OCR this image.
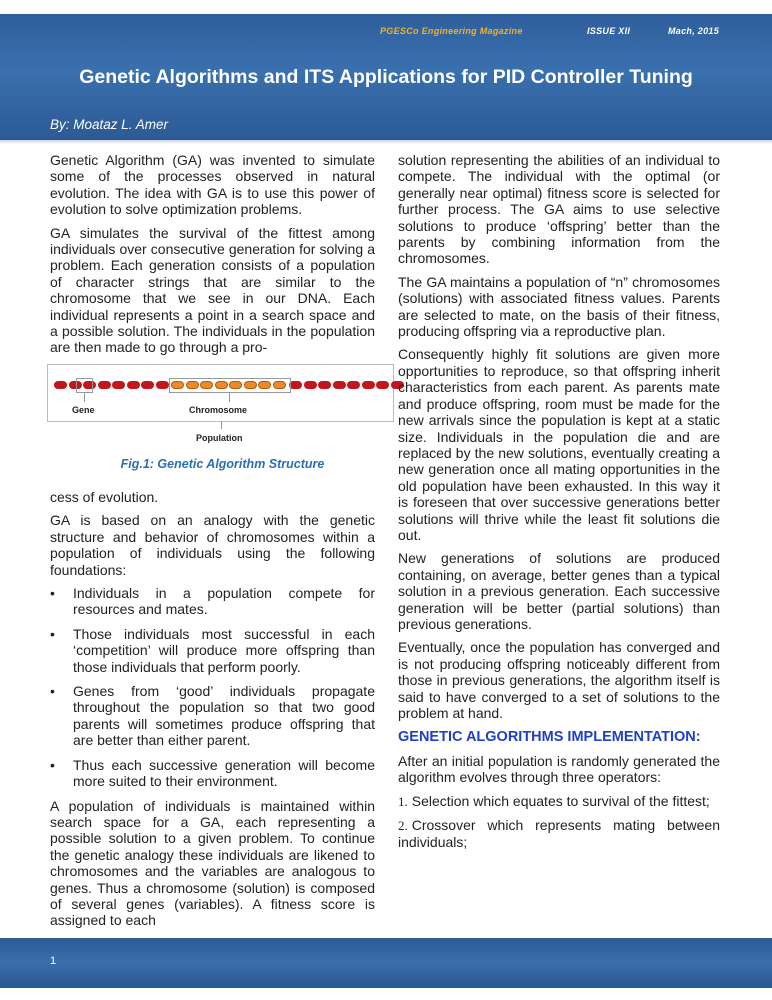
PGESCo Engineering Magazine	ISSUE XII	Mach, 2015
Genetic Algorithms and ITS Applications for PID Controller Tuning
By: Moataz L. Amer

Genetic Algorithm (GA) was invented to simulate some of the processes observed in natural evolution. The idea with GA is to use this power of evolution to solve optimization problems.

GA simulates the survival of the fittest among individuals over consecutive generation for solving a problem. Each generation consists of a population of character strings that are similar to the chromosome that we see in our DNA. Each individual represents a point in a search space and a possible solution. The individuals in the population are then made to go through a pro-

Gene	Chromosome
Population
Fig.1: Genetic Algorithm Structure

cess of evolution.

GA is based on an analogy with the genetic structure and behavior of chromosomes within a population of individuals using the following foundations:

• Individuals in a population compete for resources and mates.
• Those individuals most successful in each ‘competition’ will produce more offspring than those individuals that perform poorly.
• Genes from ‘good’ individuals propagate throughout the population so that two good parents will sometimes produce offspring that are better than either parent.
• Thus each successive generation will become more suited to their environment.

A population of individuals is maintained within search space for a GA, each representing a possible solution to a given problem. To continue the genetic analogy these individuals are likened to chromosomes and the variables are analogous to genes. Thus a chromosome (solution) is composed of several genes (variables). A fitness score is assigned to each

solution representing the abilities of an individual to compete. The individual with the optimal (or generally near optimal) fitness score is selected for further process. The GA aims to use selective solutions to produce ‘offspring’ better than the parents by combining information from the chromosomes.

The GA maintains a population of “n” chromosomes (solutions) with associated fitness values. Parents are selected to mate, on the basis of their fitness, producing offspring via a reproductive plan.

Consequently highly fit solutions are given more opportunities to reproduce, so that offspring inherit characteristics from each parent. As parents mate and produce offspring, room must be made for the new arrivals since the population is kept at a static size. Individuals in the population die and are replaced by the new solutions, eventually creating a new generation once all mating opportunities in the old population have been exhausted. In this way it is foreseen that over successive generations better solutions will thrive while the least fit solutions die out.

New generations of solutions are produced containing, on average, better genes than a typical solution in a previous generation. Each successive generation will be better (partial solutions) than previous generations.

Eventually, once the population has converged and is not producing offspring noticeably different from those in previous generations, the algorithm itself is said to have converged to a set of solutions to the problem at hand.

GENETIC ALGORITHMS IMPLEMENTATION:

After an initial population is randomly generated the algorithm evolves through three operators:

1. Selection which equates to survival of the fittest;

2. Crossover which represents mating between individuals;

1
